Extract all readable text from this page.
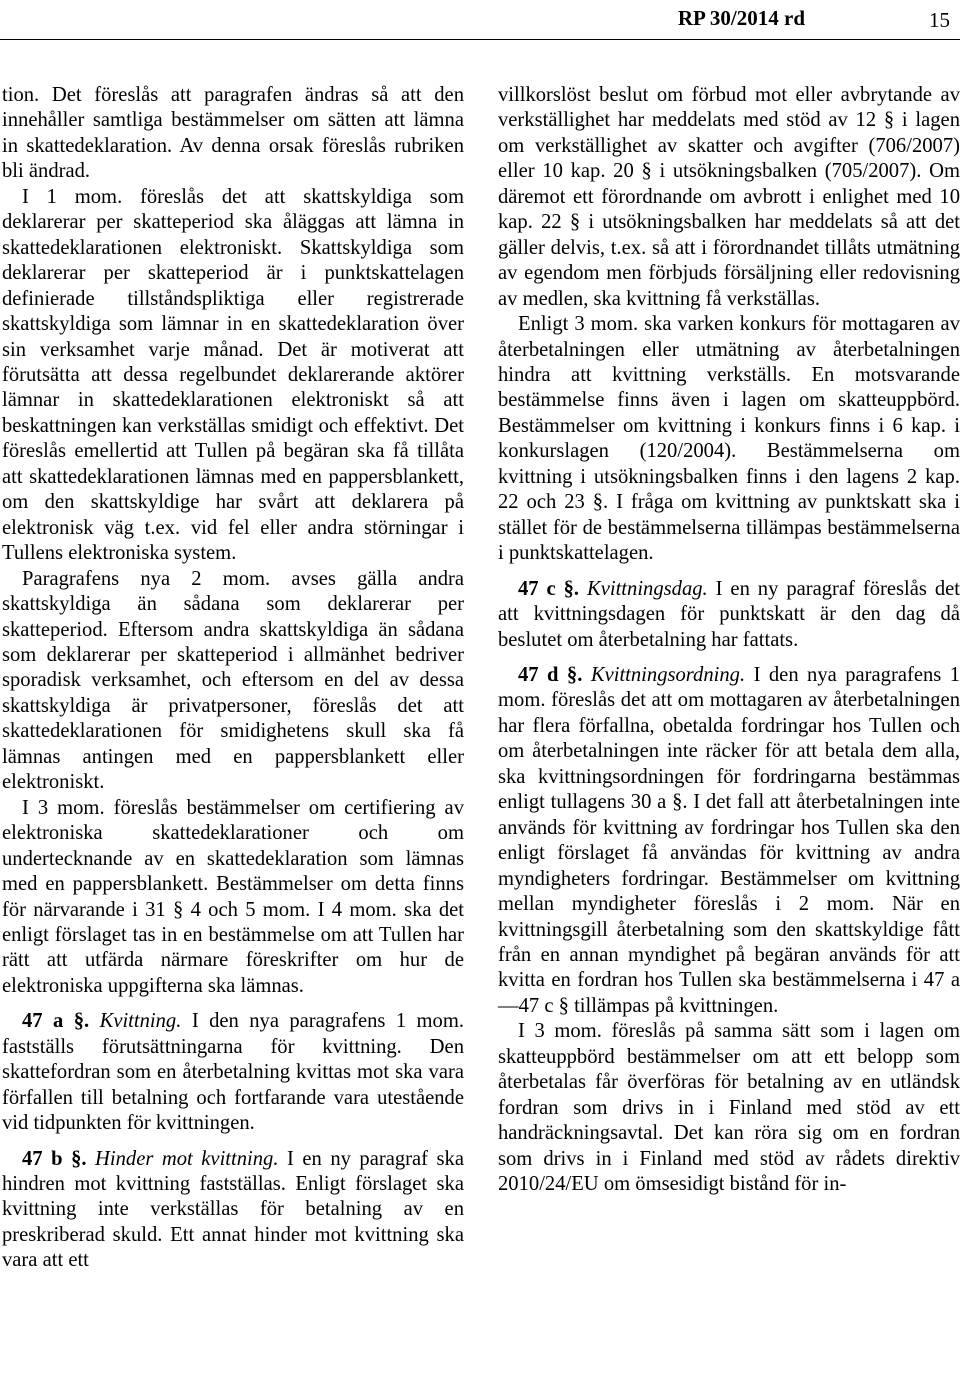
RP 30/2014 rd	15

tion. Det föreslås att paragrafen ändras så att den innehåller samtliga bestämmelser om sätten att lämna in skattedeklaration. Av denna orsak föreslås rubriken bli ändrad.

I 1 mom. föreslås det att skattskyldiga som deklarerar per skatteperiod ska åläggas att lämna in skattedeklarationen elektroniskt. Skattskyldiga som deklarerar per skatteperiod är i punktskattelagen definierade tillståndspliktiga eller registrerade skattskyldiga som lämnar in en skattedeklaration över sin verksamhet varje månad. Det är motiverat att förutsätta att dessa regelbundet deklarerande aktörer lämnar in skattedeklarationen elektroniskt så att beskattningen kan verkställas smidigt och effektivt. Det föreslås emellertid att Tullen på begäran ska få tillåta att skattedeklarationen lämnas med en pappersblankett, om den skattskyldige har svårt att deklarera på elektronisk väg t.ex. vid fel eller andra störningar i Tullens elektroniska system.

Paragrafens nya 2 mom. avses gälla andra skattskyldiga än sådana som deklarerar per skatteperiod. Eftersom andra skattskyldiga än sådana som deklarerar per skatteperiod i allmänhet bedriver sporadisk verksamhet, och eftersom en del av dessa skattskyldiga är privatpersoner, föreslås det att skattedeklarationen för smidighetens skull ska få lämnas antingen med en pappersblankett eller elektroniskt.

I 3 mom. föreslås bestämmelser om certifiering av elektroniska skattedeklarationer och om undertecknande av en skattedeklaration som lämnas med en pappersblankett. Bestämmelser om detta finns för närvarande i 31 § 4 och 5 mom. I 4 mom. ska det enligt förslaget tas in en bestämmelse om att Tullen har rätt att utfärda närmare föreskrifter om hur de elektroniska uppgifterna ska lämnas.

47 a §. Kvittning. I den nya paragrafens 1 mom. fastställs förutsättningarna för kvittning. Den skattefordran som en återbetalning kvittas mot ska vara förfallen till betalning och fortfarande vara utestående vid tidpunkten för kvittningen.

47 b §. Hinder mot kvittning. I en ny paragraf ska hindren mot kvittning fastställas. Enligt förslaget ska kvittning inte verkställas för betalning av en preskriberad skuld. Ett annat hinder mot kvittning ska vara att ett

villkorslöst beslut om förbud mot eller avbrytande av verkställighet har meddelats med stöd av 12 § i lagen om verkställighet av skatter och avgifter (706/2007) eller 10 kap. 20 § i utsökningsbalken (705/2007). Om däremot ett förordnande om avbrott i enlighet med 10 kap. 22 § i utsökningsbalken har meddelats så att det gäller delvis, t.ex. så att i förordnandet tillåts utmätning av egendom men förbjuds försäljning eller redovisning av medlen, ska kvittning få verkställas.

Enligt 3 mom. ska varken konkurs för mottagaren av återbetalningen eller utmätning av återbetalningen hindra att kvittning verkställs. En motsvarande bestämmelse finns även i lagen om skatteuppbörd. Bestämmelser om kvittning i konkurs finns i 6 kap. i konkurslagen (120/2004). Bestämmelserna om kvittning i utsökningsbalken finns i den lagens 2 kap. 22 och 23 §. I fråga om kvittning av punktskatt ska i stället för de bestämmelserna tillämpas bestämmelserna i punktskattelagen.

47 c §. Kvittningsdag. I en ny paragraf föreslås det att kvittningsdagen för punktskatt är den dag då beslutet om återbetalning har fattats.

47 d §. Kvittningsordning. I den nya paragrafens 1 mom. föreslås det att om mottagaren av återbetalningen har flera förfallna, obetalda fordringar hos Tullen och om återbetalningen inte räcker för att betala dem alla, ska kvittningsordningen för fordringarna bestämmas enligt tullagens 30 a §. I det fall att återbetalningen inte används för kvittning av fordringar hos Tullen ska den enligt förslaget få användas för kvittning av andra myndigheters fordringar. Bestämmelser om kvittning mellan myndigheter föreslås i 2 mom. När en kvittningsgill återbetalning som den skattskyldige fått från en annan myndighet på begäran används för att kvitta en fordran hos Tullen ska bestämmelserna i 47 a—47 c § tillämpas på kvittningen.

I 3 mom. föreslås på samma sätt som i lagen om skatteuppbörd bestämmelser om att ett belopp som återbetalas får överföras för betalning av en utländsk fordran som drivs in i Finland med stöd av ett handräckningsavtal. Det kan röra sig om en fordran som drivs in i Finland med stöd av rådets direktiv 2010/24/EU om ömsesidigt bistånd för in-
